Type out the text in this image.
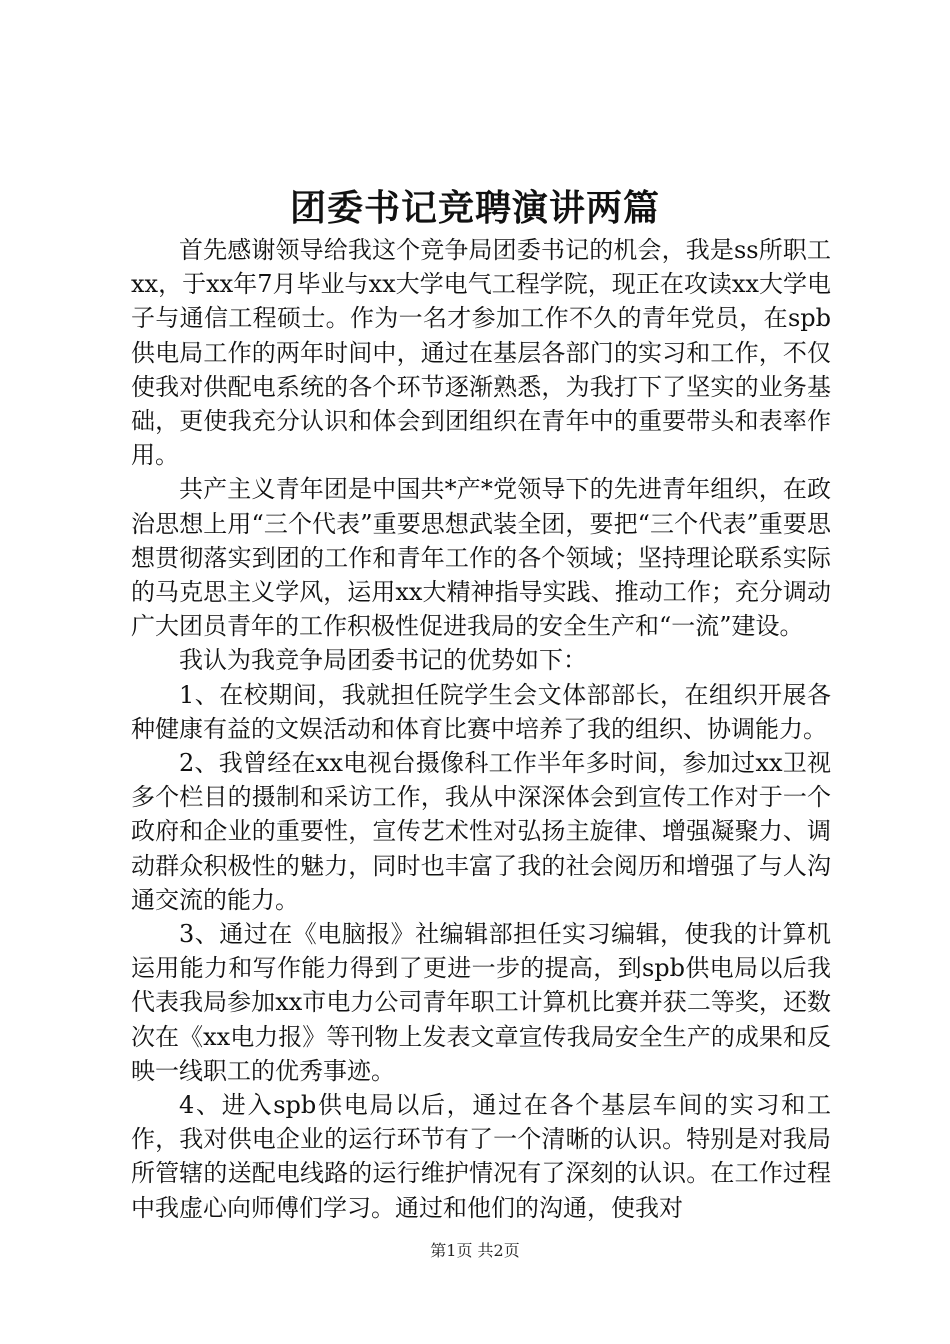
团委书记竞聘演讲两篇

首先感谢领导给我这个竞争局团委书记的机会，我是ss所职工xx，于xx年7月毕业与xx大学电气工程学院，现正在攻读xx大学电子与通信工程硕士。作为一名才参加工作不久的青年党员，在spb供电局工作的两年时间中，通过在基层各部门的实习和工作，不仅使我对供配电系统的各个环节逐渐熟悉，为我打下了坚实的业务基础，更使我充分认识和体会到团组织在青年中的重要带头和表率作用。

共产主义青年团是中国共*产*党领导下的先进青年组织，在政治思想上用“三个代表”重要思想武装全团，要把“三个代表”重要思想贯彻落实到团的工作和青年工作的各个领域；坚持理论联系实际的马克思主义学风，运用xx大精神指导实践、推动工作；充分调动广大团员青年的工作积极性促进我局的安全生产和“一流”建设。

我认为我竞争局团委书记的优势如下：

1、在校期间，我就担任院学生会文体部部长，在组织开展各种健康有益的文娱活动和体育比赛中培养了我的组织、协调能力。

2、我曾经在xx电视台摄像科工作半年多时间，参加过xx卫视多个栏目的摄制和采访工作，我从中深深体会到宣传工作对于一个政府和企业的重要性，宣传艺术性对弘扬主旋律、增强凝聚力、调动群众积极性的魅力，同时也丰富了我的社会阅历和增强了与人沟通交流的能力。

3、通过在《电脑报》社编辑部担任实习编辑，使我的计算机运用能力和写作能力得到了更进一步的提高，到spb供电局以后我代表我局参加xx市电力公司青年职工计算机比赛并获二等奖，还数次在《xx电力报》等刊物上发表文章宣传我局安全生产的成果和反映一线职工的优秀事迹。

4、进入spb供电局以后，通过在各个基层车间的实习和工作，我对供电企业的运行环节有了一个清晰的认识。特别是对我局所管辖的送配电线路的运行维护情况有了深刻的认识。在工作过程中我虚心向师傅们学习。通过和他们的沟通，使我对

第1页 共2页
